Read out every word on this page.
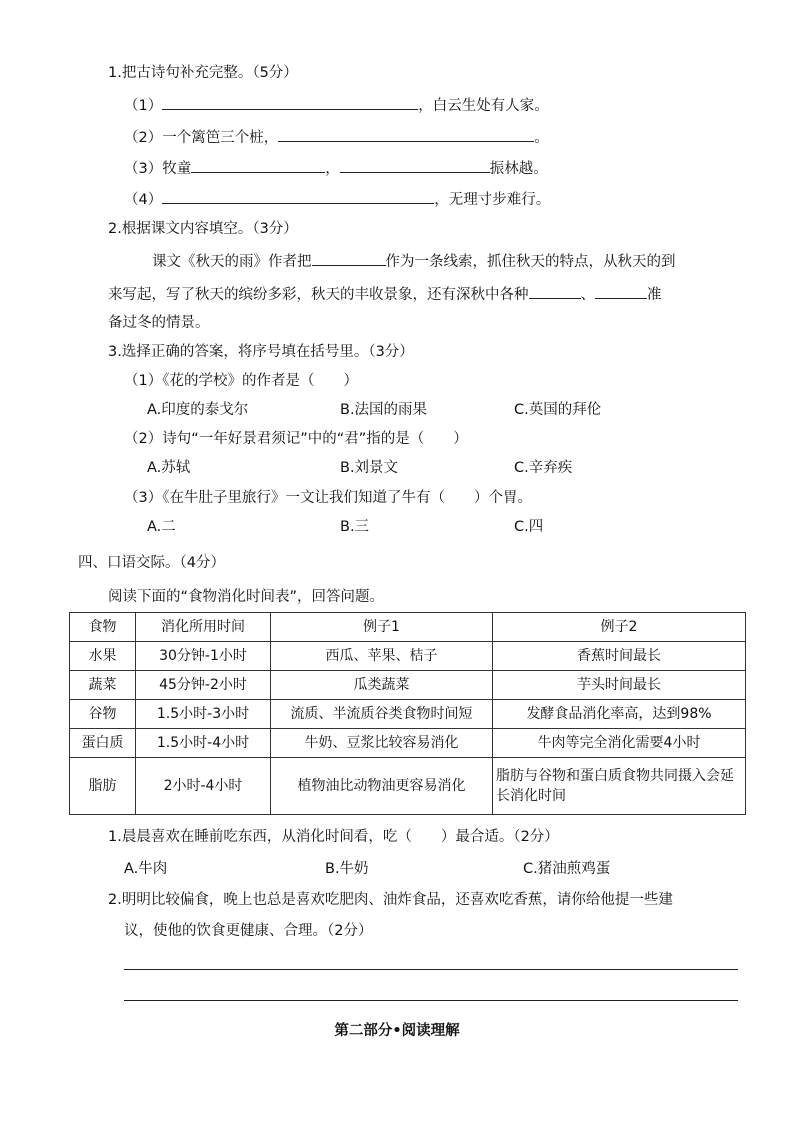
1.把古诗句补充完整。（5分）
（1）	，白云生处有人家。
（2）一个篱笆三个桩，	。
（3）牧童	，	振林越。
（4）	，无理寸步难行。
2.根据课文内容填空。（3分）
课文《秋天的雨》作者把	作为一条线索，抓住秋天的特点，从秋天的到
来写起，写了秋天的缤纷多彩，秋天的丰收景象，还有深秋中各种	、	准
备过冬的情景。
3.选择正确的答案，将序号填在括号里。（3分）
（1）《花的学校》的作者是（　　）
A.印度的泰戈尔	B.法国的雨果	C.英国的拜伦
（2）诗句“一年好景君须记”中的“君”指的是（　　）
A.苏轼	B.刘景文	C.辛弃疾
（3）《在牛肚子里旅行》一文让我们知道了牛有（　　）个胃。
A.二	B.三	C.四
四、口语交际。（4分）
阅读下面的“食物消化时间表”，回答问题。
食物	消化所用时间	例子1	例子2
水果	30分钟-1小时	西瓜、苹果、桔子	香蕉时间最长
蔬菜	45分钟-2小时	瓜类蔬菜	芋头时间最长
谷物	1.5小时-3小时	流质、半流质谷类食物时间短	发酵食品消化率高，达到98%
蛋白质	1.5小时-4小时	牛奶、豆浆比较容易消化	牛肉等完全消化需要4小时
脂肪	2小时-4小时	植物油比动物油更容易消化	脂肪与谷物和蛋白质食物共同摄入会延长消化时间
1.晨晨喜欢在睡前吃东西，从消化时间看，吃（　　）最合适。（2分）
A.牛肉	B.牛奶	C.猪油煎鸡蛋
2.明明比较偏食，晚上也总是喜欢吃肥肉、油炸食品，还喜欢吃香蕉，请你给他提一些建
议，使他的饮食更健康、合理。（2分）
第二部分•阅读理解
